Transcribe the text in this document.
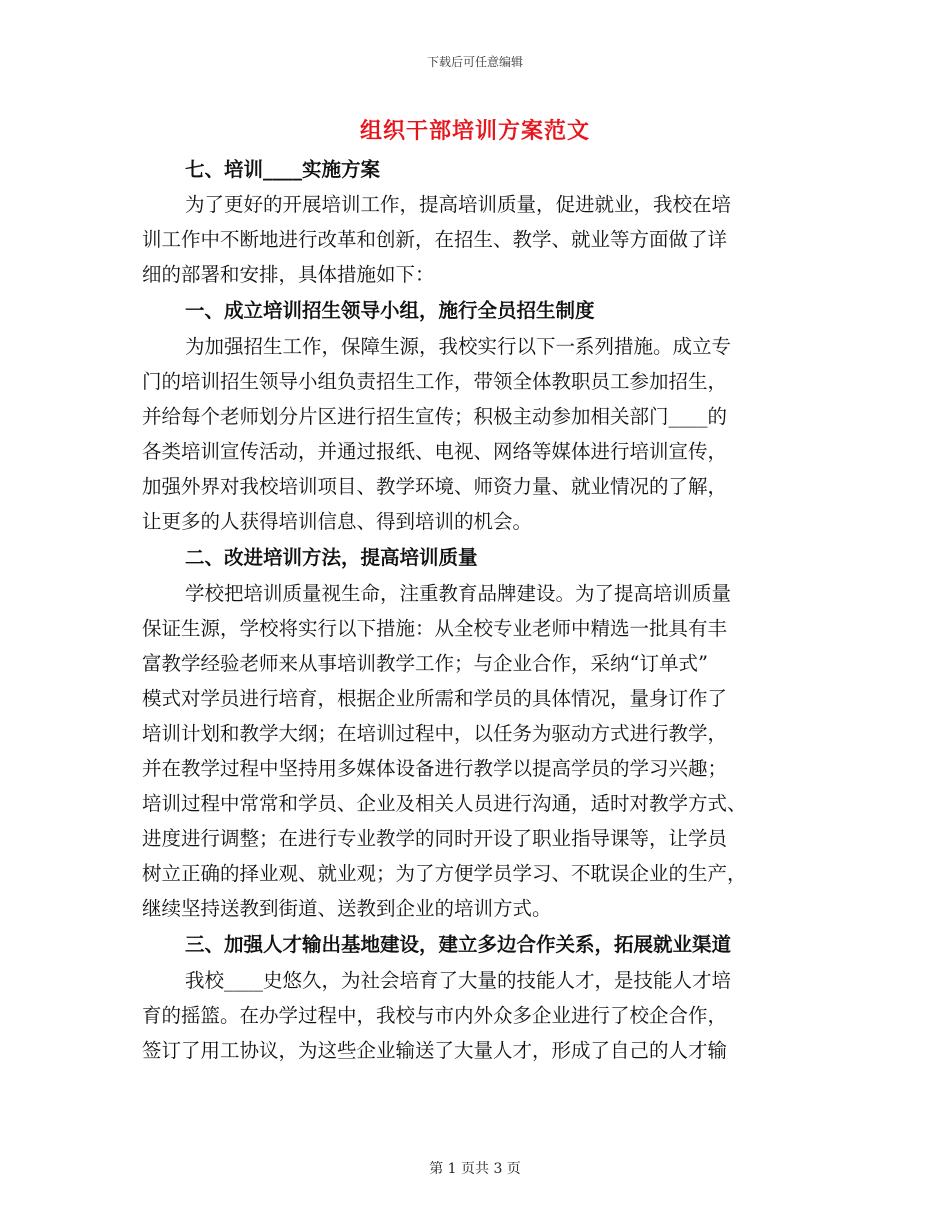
下载后可任意编辑
组织干部培训方案范文
七、培训____实施方案
为了更好的开展培训工作，提高培训质量，促进就业，我校在培
训工作中不断地进行改革和创新，在招生、教学、就业等方面做了详
细的部署和安排，具体措施如下：
一、成立培训招生领导小组，施行全员招生制度
为加强招生工作，保障生源，我校实行以下一系列措施。成立专
门的培训招生领导小组负责招生工作，带领全体教职员工参加招生，
并给每个老师划分片区进行招生宣传；积极主动参加相关部门____的
各类培训宣传活动，并通过报纸、电视、网络等媒体进行培训宣传，
加强外界对我校培训项目、教学环境、师资力量、就业情况的了解，
让更多的人获得培训信息、得到培训的机会。
二、改进培训方法，提高培训质量
学校把培训质量视生命，注重教育品牌建设。为了提高培训质量
保证生源，学校将实行以下措施：从全校专业老师中精选一批具有丰
富教学经验老师来从事培训教学工作；与企业合作，采纳“订单式”
模式对学员进行培育，根据企业所需和学员的具体情况，量身订作了
培训计划和教学大纲；在培训过程中，以任务为驱动方式进行教学，
并在教学过程中坚持用多媒体设备进行教学以提高学员的学习兴趣；
培训过程中常常和学员、企业及相关人员进行沟通，适时对教学方式、
进度进行调整；在进行专业教学的同时开设了职业指导课等，让学员
树立正确的择业观、就业观；为了方便学员学习、不耽误企业的生产，
继续坚持送教到街道、送教到企业的培训方式。
三、加强人才输出基地建设，建立多边合作关系，拓展就业渠道
我校____史悠久，为社会培育了大量的技能人才，是技能人才培
育的摇篮。在办学过程中，我校与市内外众多企业进行了校企合作，
签订了用工协议，为这些企业输送了大量人才，形成了自己的人才输
第 1 页共 3 页
